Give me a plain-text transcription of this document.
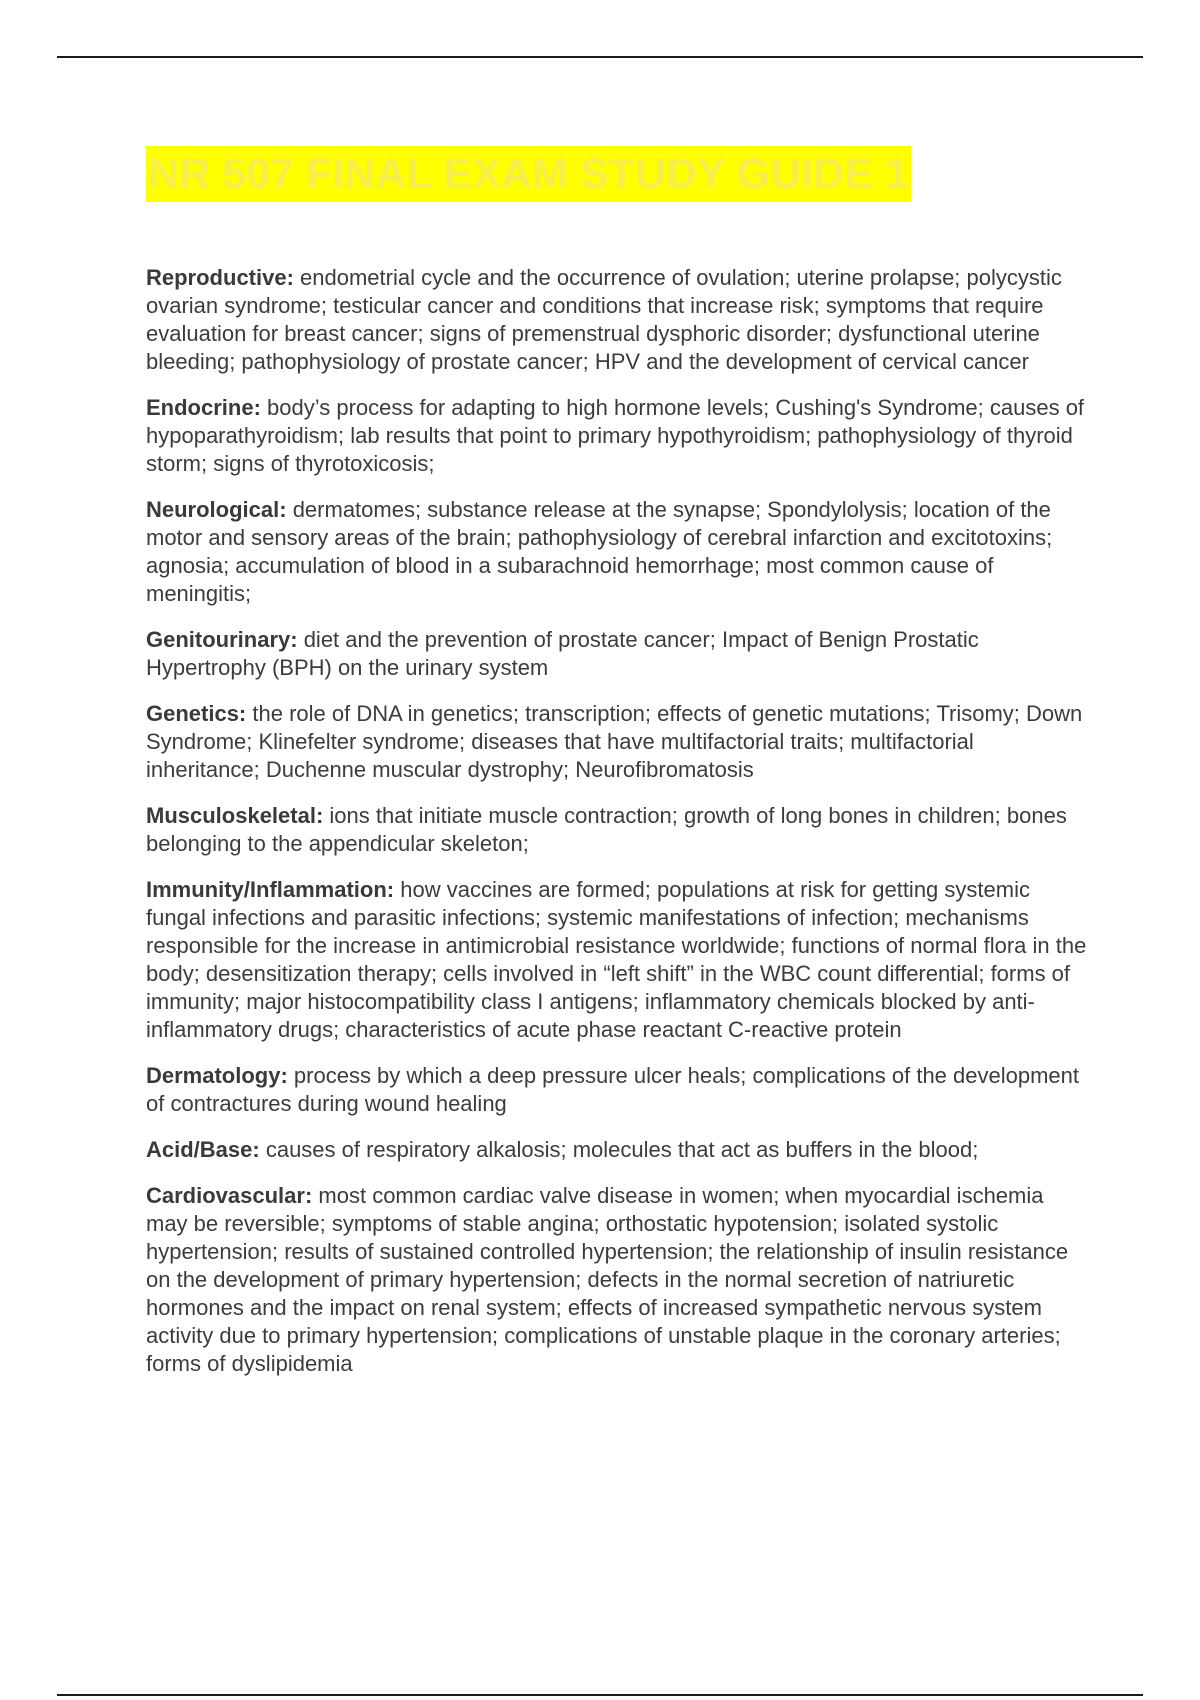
NR 507 FINAL EXAM STUDY GUIDE 1

Reproductive: endometrial cycle and the occurrence of ovulation; uterine prolapse; polycystic ovarian syndrome; testicular cancer and conditions that increase risk; symptoms that require evaluation for breast cancer; signs of premenstrual dysphoric disorder; dysfunctional uterine bleeding; pathophysiology of prostate cancer; HPV and the development of cervical cancer

Endocrine: body’s process for adapting to high hormone levels; Cushing's Syndrome; causes of hypoparathyroidism; lab results that point to primary hypothyroidism; pathophysiology of thyroid storm; signs of thyrotoxicosis;

Neurological: dermatomes; substance release at the synapse; Spondylolysis; location of the motor and sensory areas of the brain; pathophysiology of cerebral infarction and excitotoxins; agnosia; accumulation of blood in a subarachnoid hemorrhage; most common cause of meningitis;

Genitourinary: diet and the prevention of prostate cancer; Impact of Benign Prostatic Hypertrophy (BPH) on the urinary system

Genetics: the role of DNA in genetics; transcription; effects of genetic mutations; Trisomy; Down Syndrome; Klinefelter syndrome; diseases that have multifactorial traits; multifactorial inheritance; Duchenne muscular dystrophy; Neurofibromatosis

Musculoskeletal: ions that initiate muscle contraction; growth of long bones in children; bones belonging to the appendicular skeleton;

Immunity/Inflammation: how vaccines are formed; populations at risk for getting systemic fungal infections and parasitic infections; systemic manifestations of infection; mechanisms responsible for the increase in antimicrobial resistance worldwide; functions of normal flora in the body; desensitization therapy; cells involved in “left shift” in the WBC count differential; forms of immunity; major histocompatibility class I antigens; inflammatory chemicals blocked by anti-inflammatory drugs; characteristics of acute phase reactant C-reactive protein

Dermatology: process by which a deep pressure ulcer heals; complications of the development of contractures during wound healing

Acid/Base: causes of respiratory alkalosis; molecules that act as buffers in the blood;

Cardiovascular: most common cardiac valve disease in women; when myocardial ischemia may be reversible; symptoms of stable angina; orthostatic hypotension; isolated systolic hypertension; results of sustained controlled hypertension; the relationship of insulin resistance on the development of primary hypertension; defects in the normal secretion of natriuretic hormones and the impact on renal system; effects of increased sympathetic nervous system activity due to primary hypertension; complications of unstable plaque in the coronary arteries; forms of dyslipidemia
